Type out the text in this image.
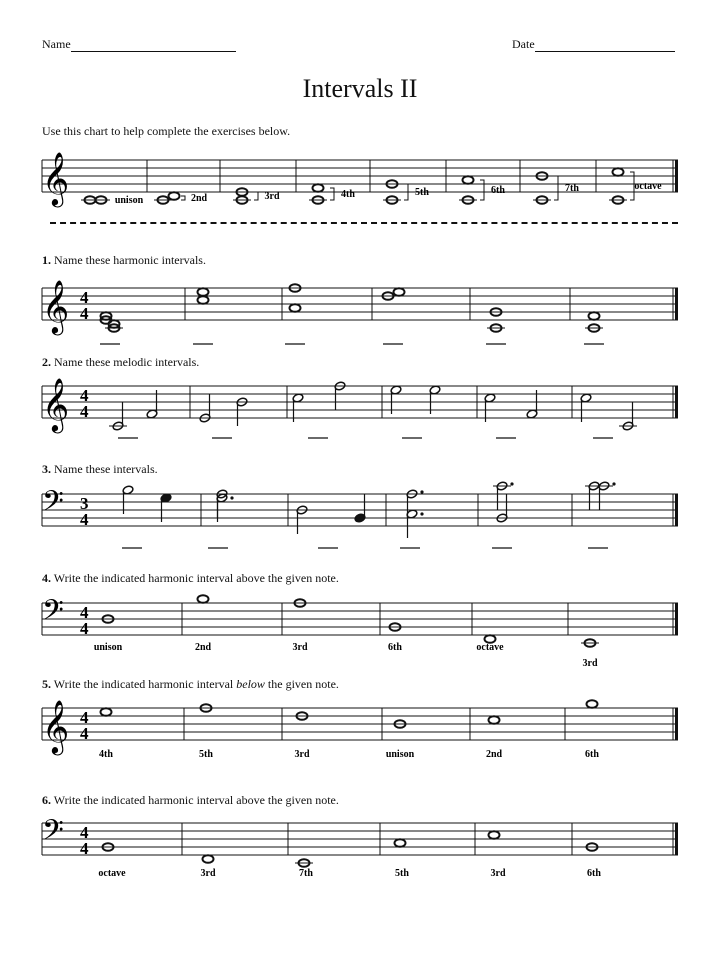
Name	Date
Intervals II
Use this chart to help complete the exercises below.
1. Name these harmonic intervals.
2. Name these melodic intervals.
3. Name these intervals.
4. Write the indicated harmonic interval above the given note.
5. Write the indicated harmonic interval below the given note.
6. Write the indicated harmonic interval above the given note.
𝄞	unison	2nd	3rd	4th	5th	6th	7th	octave
𝄞 4
4
𝄞 4
4
𝄢 3
4
𝄢 4
4
unison	2nd	3rd	6th	octave
3rd
𝄞 4
4
4th	5th	3rd	unison	2nd	6th
𝄢 4
4
octave	3rd	7th	5th	3rd	6th
